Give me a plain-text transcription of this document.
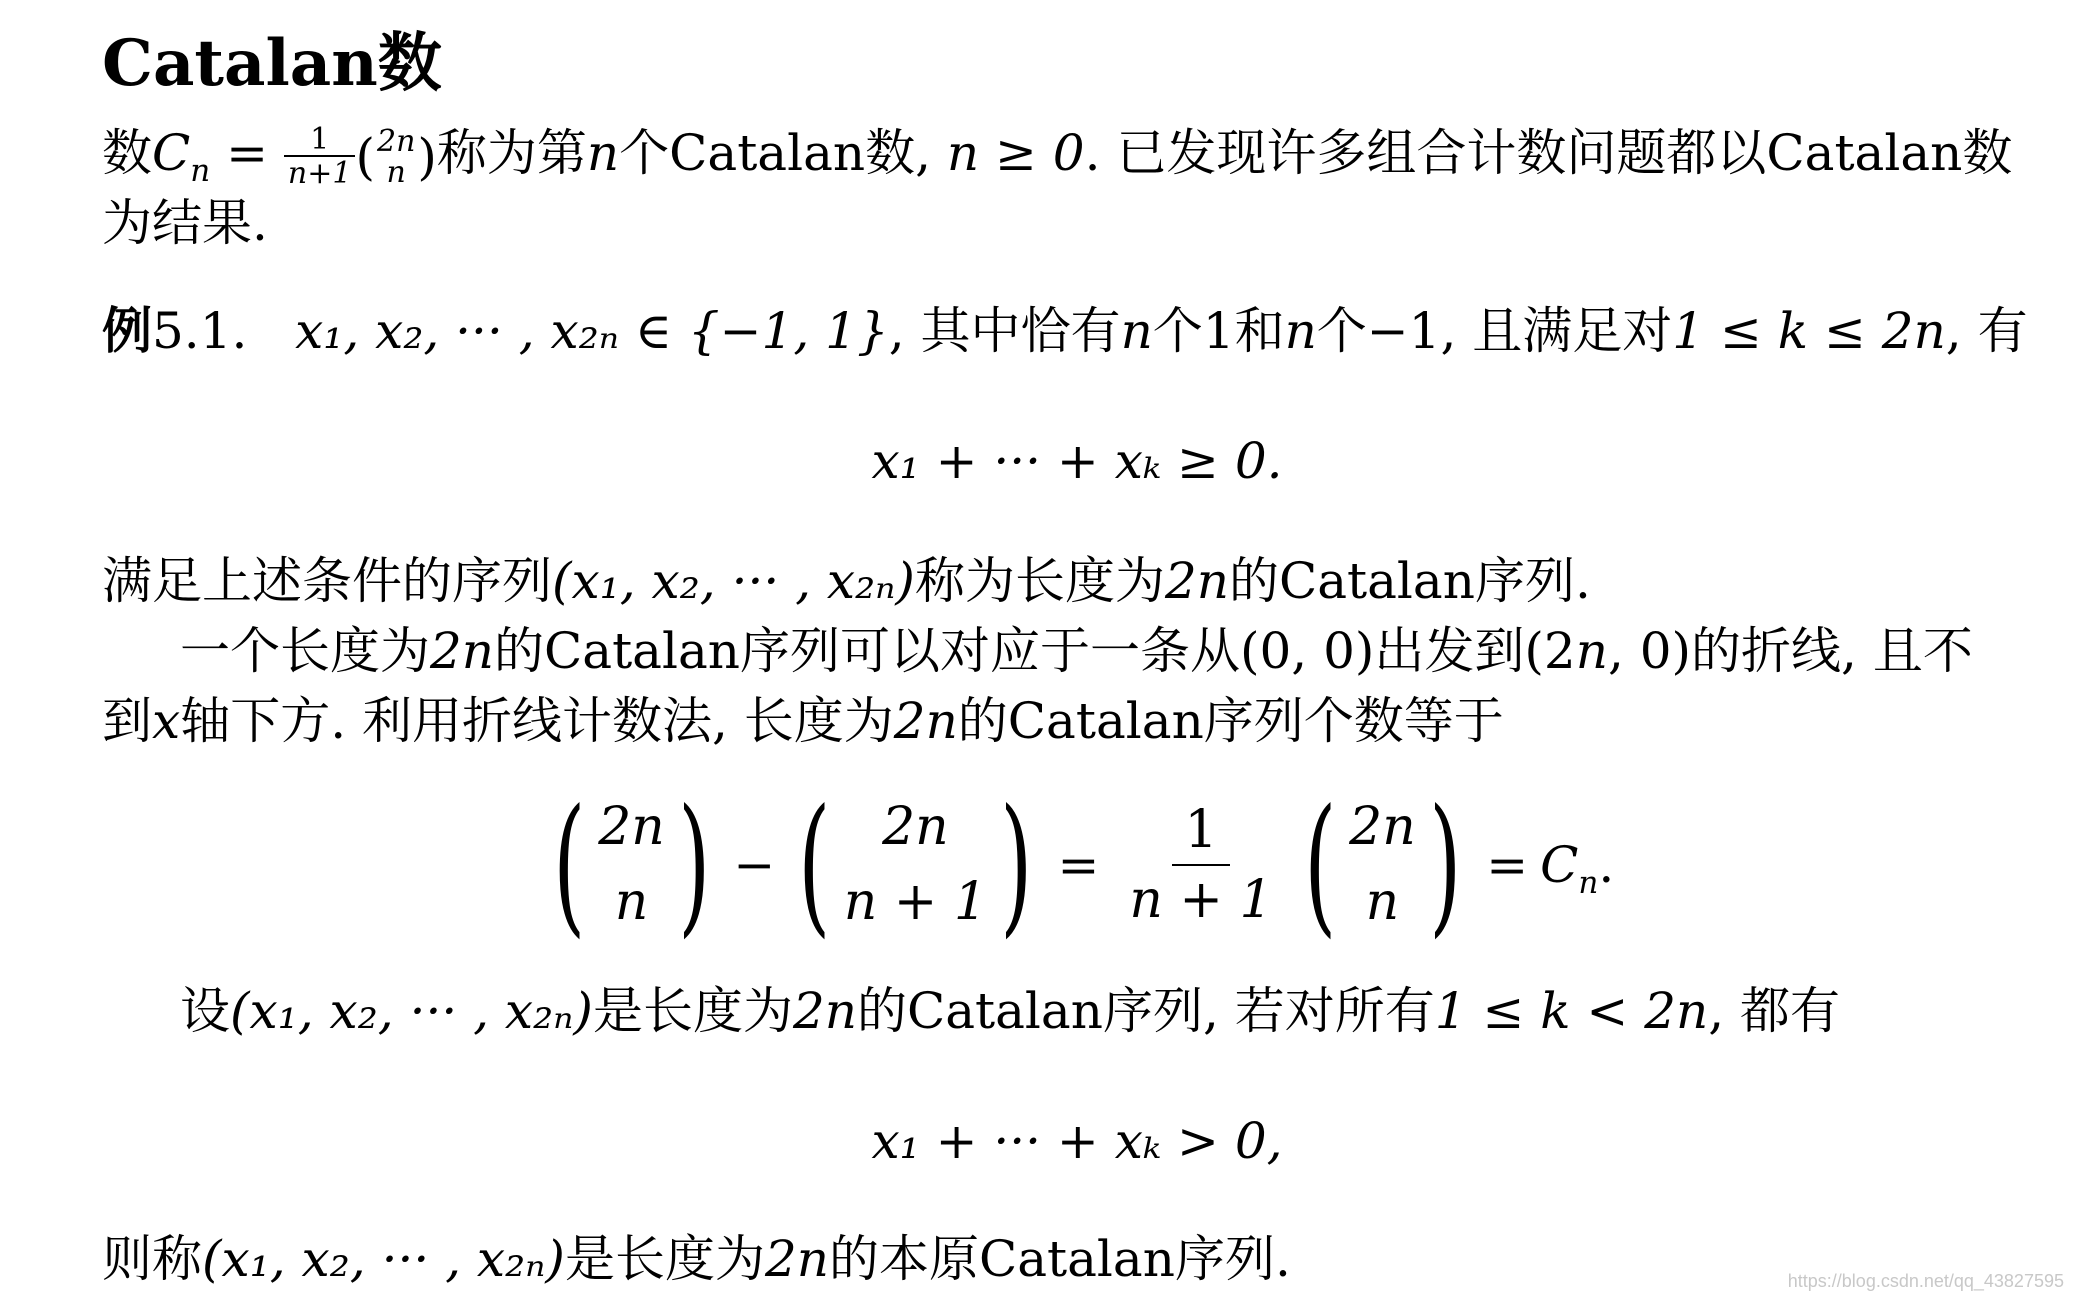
Catalan数
数$C_n = \frac{1}{n+1}$ ( 2n
n ) 称为第n个Catalan数, n ≥ 0. 已发现许多组合计数问题都以Catalan数
为结果.
例5.1. x₁, x₂, ··· , x₂ₙ ∈ {−1, 1}, 其中恰有n个1和n个−1, 且满足对1 ≤ k ≤ 2n, 有
x₁ + ··· + xₖ ≥ 0.
满足上述条件的序列(x₁, x₂, ··· , x₂ₙ)称为长度为2n的Catalan序列.
一个长度为2n的Catalan序列可以对应于一条从(0, 0)出发到(2n, 0)的折线, 且不
到x轴下方. 利用折线计数法, 长度为2n的Catalan序列个数等于
( 2n
n ) − ( 2n
n + 1 ) = $\frac{1}{n + 1}$ ( 2n
n ) = $C_n$ .
设(x₁, x₂, ··· , x₂ₙ)是长度为2n的Catalan序列, 若对所有1 ≤ k < 2n, 都有
x₁ + ··· + xₖ > 0,
则称(x₁, x₂, ··· , x₂ₙ)是长度为2n的本原Catalan序列.	https://blog.csdn.net/qq_43827595
